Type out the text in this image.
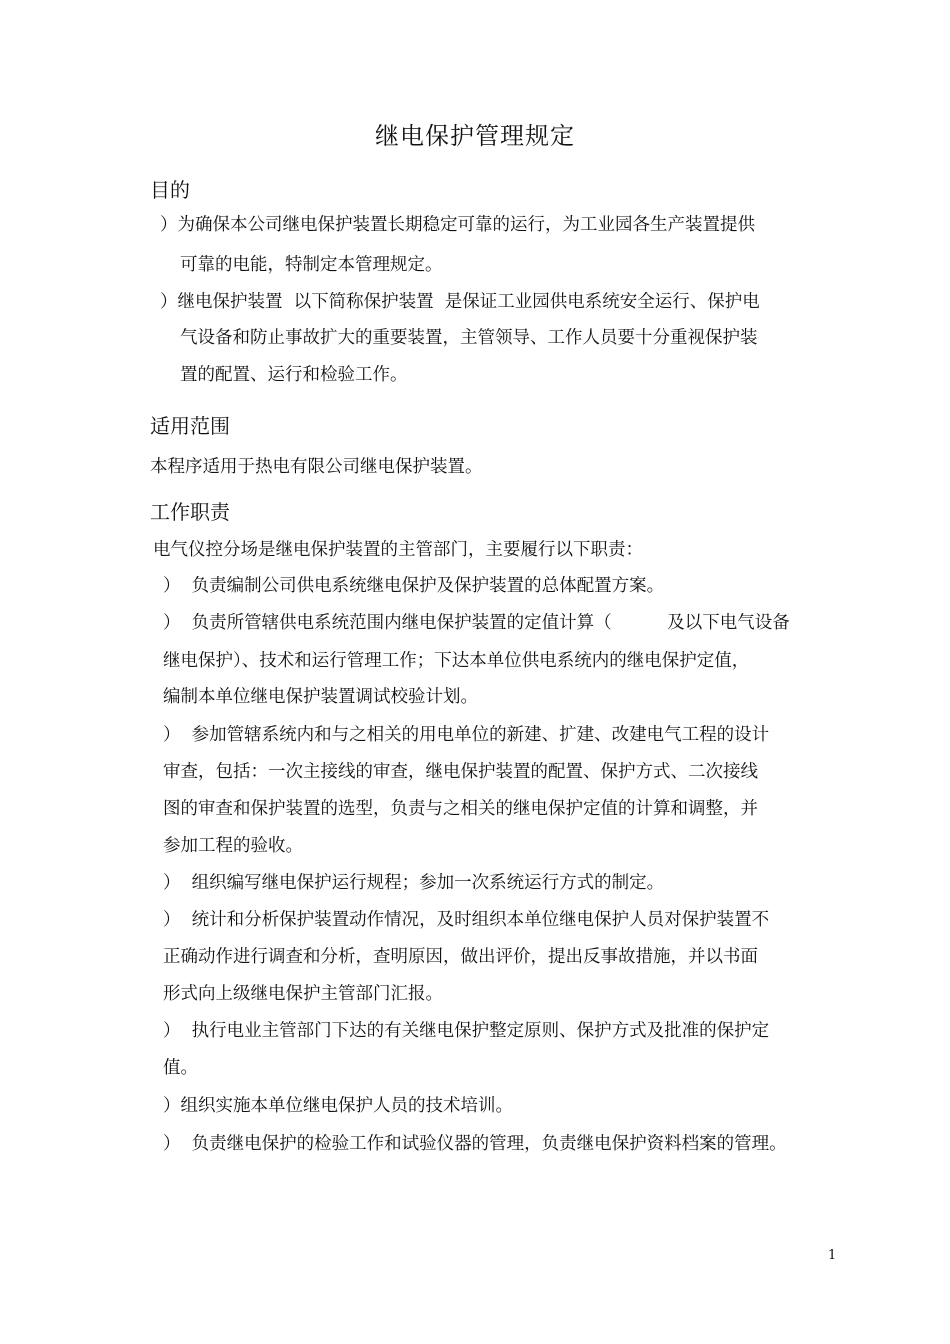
继电保护管理规定
目的
）为确保本公司继电保护装置长期稳定可靠的运行，为工业园各生产装置提供
可靠的电能，特制定本管理规定。
）继电保护装置  以下简称保护装置  是保证工业园供电系统安全运行、保护电
气设备和防止事故扩大的重要装置，主管领导、工作人员要十分重视保护装
置的配置、运行和检验工作。
适用范围
本程序适用于热电有限公司继电保护装置。
工作职责
电气仪控分场是继电保护装置的主管部门，主要履行以下职责：
）  负责编制公司供电系统继电保护及保护装置的总体配置方案。
）  负责所管辖供电系统范围内继电保护装置的定值计算（          及以下电气设备
继电保护）、技术和运行管理工作；下达本单位供电系统内的继电保护定值，
编制本单位继电保护装置调试校验计划。
）  参加管辖系统内和与之相关的用电单位的新建、扩建、改建电气工程的设计
审查，包括：一次主接线的审查，继电保护装置的配置、保护方式、二次接线
图的审查和保护装置的选型，负责与之相关的继电保护定值的计算和调整，并
参加工程的验收。
）  组织编写继电保护运行规程；参加一次系统运行方式的制定。
）  统计和分析保护装置动作情况，及时组织本单位继电保护人员对保护装置不
正确动作进行调查和分析，查明原因，做出评价，提出反事故措施，并以书面
形式向上级继电保护主管部门汇报。
）  执行电业主管部门下达的有关继电保护整定原则、保护方式及批准的保护定
值。
）组织实施本单位继电保护人员的技术培训。
）  负责继电保护的检验工作和试验仪器的管理，负责继电保护资料档案的管理。
1
